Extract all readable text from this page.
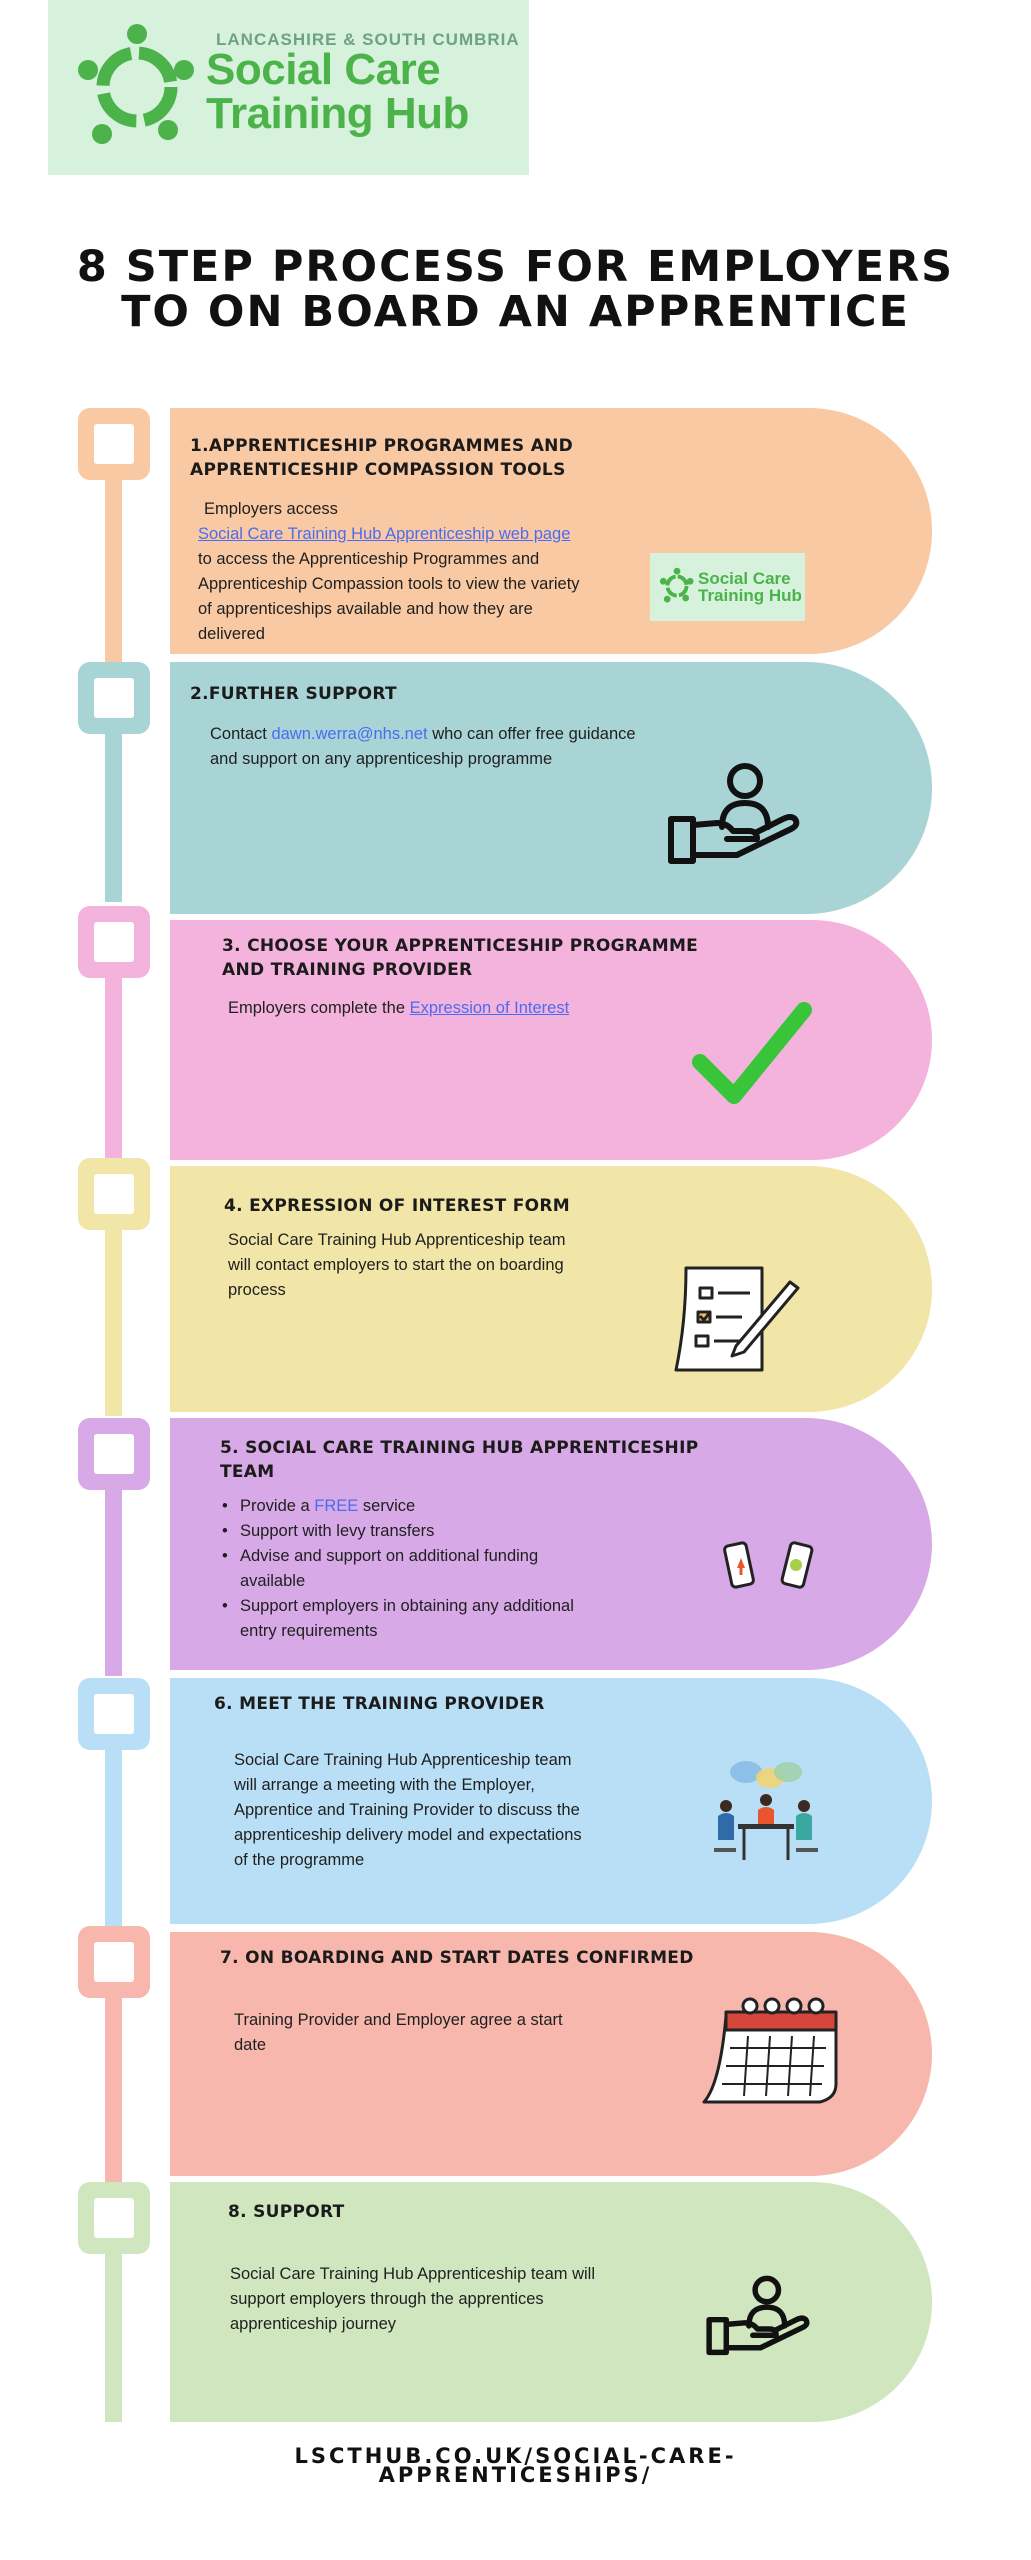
LANCASHIRE & SOUTH CUMBRIA
Social Care
Training Hub
8 STEP PROCESS FOR EMPLOYERS
TO ON BOARD AN APPRENTICE
1.APPRENTICESHIP PROGRAMMES AND
APPRENTICESHIP COMPASSION TOOLS
Employers access
Social Care Training Hub Apprenticeship web page
to access the Apprenticeship Programmes and
Apprenticeship Compassion tools to view the variety
of apprenticeships available and how they are
delivered
Social Care
Training Hub
2.FURTHER SUPPORT
Contact dawn.werra@nhs.net who can offer free guidance
and support on any apprenticeship programme
3. CHOOSE YOUR APPRENTICESHIP PROGRAMME
AND TRAINING PROVIDER
Employers complete the Expression of Interest
4. EXPRESSION OF INTEREST FORM
Social Care Training Hub Apprenticeship team
will contact employers to start the on boarding
process
5. SOCIAL CARE TRAINING HUB APPRENTICESHIP
TEAM
• Provide a FREE service
• Support with levy transfers
• Advise and support on additional funding
available
• Support employers in obtaining any additional
entry requirements
6. MEET THE TRAINING PROVIDER
Social Care Training Hub Apprenticeship team
will arrange a meeting with the Employer,
Apprentice and Training Provider to discuss the
apprenticeship delivery model and expectations
of the programme
7. ON BOARDING AND START DATES CONFIRMED
Training Provider and Employer agree a start
date
8. SUPPORT
Social Care Training Hub Apprenticeship team will
support employers through the apprentices
apprenticeship journey
LSCTHUB.CO.UK/SOCIAL-CARE-
APPRENTICESHIPS/
